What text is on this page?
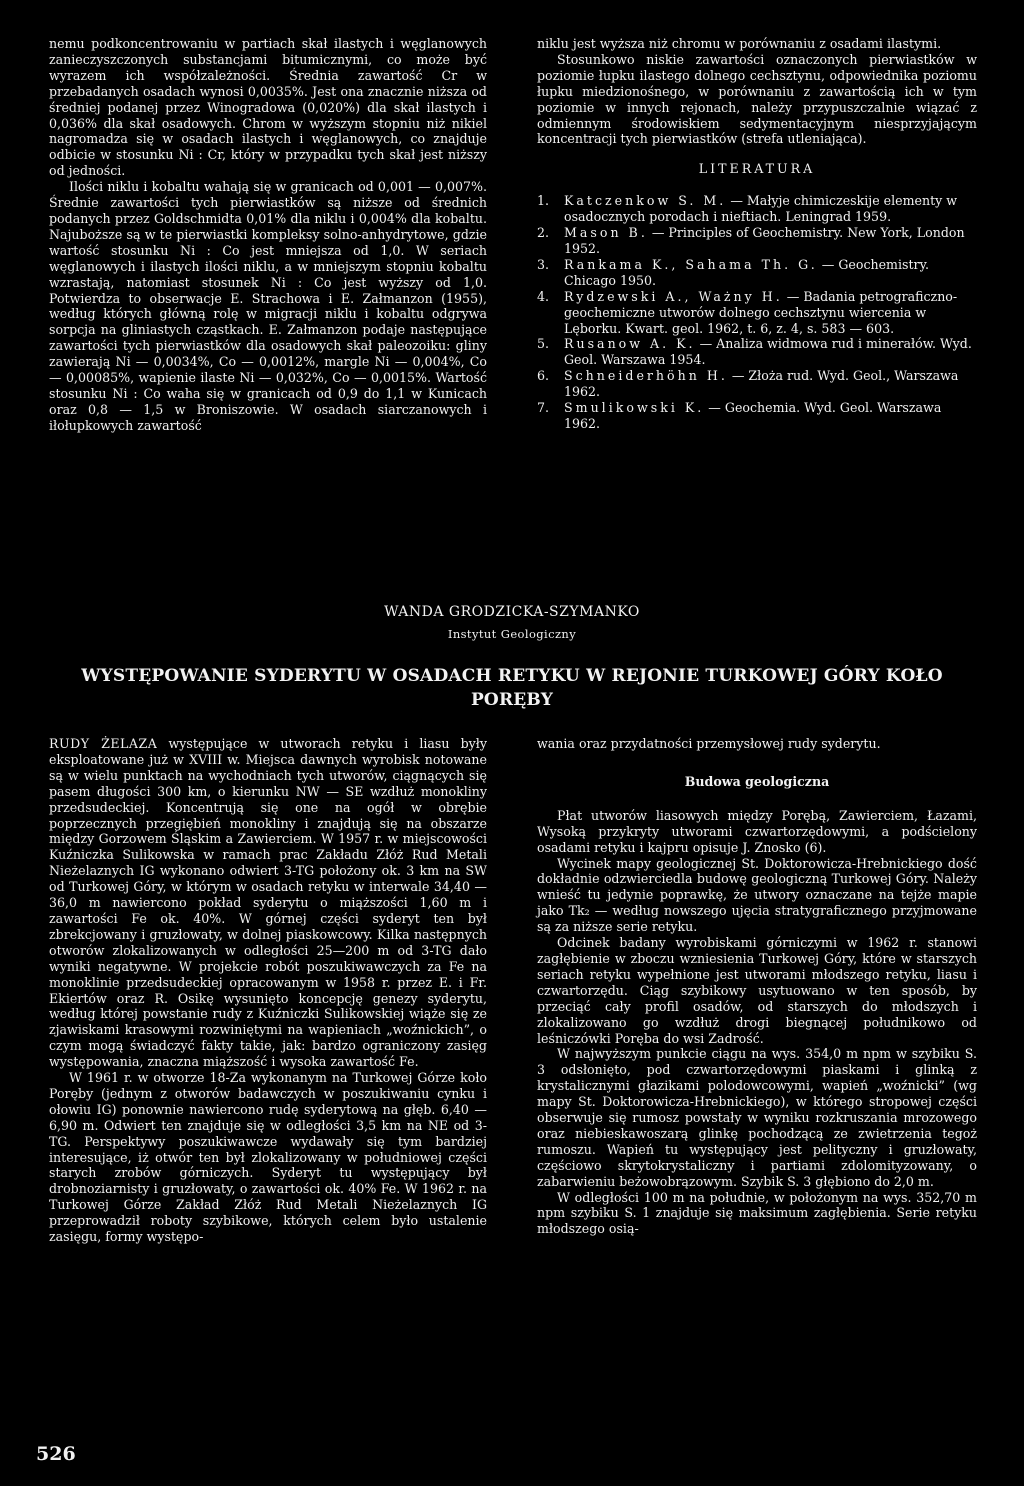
nemu podkoncentrowaniu w partiach skał ilastych i węglanowych zanieczyszczonych substancjami bitumicznymi, co może być wyrazem ich współzależności. Średnia zawartość Cr w przebadanych osadach wynosi 0,0035%. Jest ona znacznie niższa od średniej podanej przez Winogradowa (0,020%) dla skał ilastych i 0,036% dla skał osadowych. Chrom w wyższym stopniu niż nikiel nagromadza się w osadach ilastych i węglanowych, co znajduje odbicie w stosunku Ni : Cr, który w przypadku tych skał jest niższy od jedności.

Ilości niklu i kobaltu wahają się w granicach od 0,001 — 0,007%. Średnie zawartości tych pierwiastków są niższe od średnich podanych przez Goldschmidta 0,01% dla niklu i 0,004% dla kobaltu. Najuboższe są w te pierwiastki kompleksy solno-anhydrytowe, gdzie wartość stosunku Ni : Co jest mniejsza od 1,0. W seriach węglanowych i ilastych ilości niklu, a w mniejszym stopniu kobaltu wzrastają, natomiast stosunek Ni : Co jest wyższy od 1,0. Potwierdza to obserwacje E. Strachowa i E. Załmanzon (1955), według których główną rolę w migracji niklu i kobaltu odgrywa sorpcja na gliniastych cząstkach. E. Załmanzon podaje następujące zawartości tych pierwiastków dla osadowych skał paleozoiku: gliny zawierają Ni — 0,0034%, Co — 0,0012%, margle Ni — 0,004%, Co — 0,00085%, wapienie ilaste Ni — 0,032%, Co — 0,0015%. Wartość stosunku Ni : Co waha się w granicach od 0,9 do 1,1 w Kunicach oraz 0,8 — 1,5 w Broniszowie. W osadach siarczanowych i iłołupkowych zawartość

niklu jest wyższa niż chromu w porównaniu z osadami ilastymi.

Stosunkowo niskie zawartości oznaczonych pierwiastków w poziomie łupku ilastego dolnego cechsztynu, odpowiednika poziomu łupku miedzionośnego, w porównaniu z zawartością ich w tym poziomie w innych rejonach, należy przypuszczalnie wiązać z odmiennym środowiskiem sedymentacyjnym niesprzyjającym koncentracji tych pierwiastków (strefa utleniająca).

LITERATURA

1. Katczenkow S. M. — Małyje chimiczeskije elementy w osadocznych porodach i nieftiach. Leningrad 1959.
2. Mason B. — Principles of Geochemistry. New York, London 1952.
3. Rankama K., Sahama Th. G. — Geochemistry. Chicago 1950.
4. Rydzewski A., Ważny H. — Badania petrograficzno-geochemiczne utworów dolnego cechsztynu wiercenia w Lęborku. Kwart. geol. 1962, t. 6, z. 4, s. 583 — 603.
5. Rusanow A. K. — Analiza widmowa rud i minerałów. Wyd. Geol. Warszawa 1954.
6. Schneiderhöhn H. — Złoża rud. Wyd. Geol., Warszawa 1962.
7. Smulikowski K. — Geochemia. Wyd. Geol. Warszawa 1962.
WANDA GRODZICKA-SZYMANKO
Instytut Geologiczny
WYSTĘPOWANIE SYDERYTU W OSADACH RETYKU W REJONIE TURKOWEJ GÓRY KOŁO PORĘBY

RUDY ŻELAZA występujące w utworach retyku i liasu były eksploatowane już w XVIII w. Miejsca dawnych wyrobisk notowane są w wielu punktach na wychodniach tych utworów, ciągnących się pasem długości 300 km, o kierunku NW — SE wzdłuż monokliny przedsudeckiej. Koncentrują się one na ogół w obrębie poprzecznych przegiębień monokliny i znajdują się na obszarze między Gorzowem Śląskim a Zawierciem. W 1957 r. w miejscowości Kuźniczka Sulikowska w ramach prac Zakładu Złóż Rud Metali Nieżelaznych IG wykonano odwiert 3-TG położony ok. 3 km na SW od Turkowej Góry, w którym w osadach retyku w interwale 34,40 — 36,0 m nawiercono pokład syderytu o miąższości 1,60 m i zawartości Fe ok. 40%. W górnej części syderyt ten był zbrekcjowany i gruzłowaty, w dolnej piaskowcowy. Kilka następnych otworów zlokalizowanych w odległości 25—200 m od 3-TG dało wyniki negatywne. W projekcie robót poszukiwawczych za Fe na monoklinie przedsudeckiej opracowanym w 1958 r. przez E. i Fr. Ekiertów oraz R. Osikę wysunięto koncepcję genezy syderytu, według której powstanie rudy z Kuźniczki Sulikowskiej wiąże się ze zjawiskami krasowymi rozwiniętymi na wapieniach „woźnickich”, o czym mogą świadczyć fakty takie, jak: bardzo ograniczony zasięg występowania, znaczna miąższość i wysoka zawartość Fe.

W 1961 r. w otworze 18-Za wykonanym na Turkowej Górze koło Poręby (jednym z otworów badawczych w poszukiwaniu cynku i ołowiu IG) ponownie nawiercono rudę syderytową na głęb. 6,40 — 6,90 m. Odwiert ten znajduje się w odległości 3,5 km na NE od 3-TG. Perspektywy poszukiwawcze wydawały się tym bardziej interesujące, iż otwór ten był zlokalizowany w południowej części starych zrobów górniczych. Syderyt tu występujący był drobnoziarnisty i gruzłowaty, o zawartości ok. 40% Fe. W 1962 r. na Turkowej Górze Zakład Złóż Rud Metali Nieżelaznych IG przeprowadził roboty szybikowe, których celem było ustalenie zasięgu, formy występo-

wania oraz przydatności przemysłowej rudy syderytu.

Budowa geologiczna

Płat utworów liasowych między Porębą, Zawierciem, Łazami, Wysoką przykryty utworami czwartorzędowymi, a podścielony osadami retyku i kajpru opisuje J. Znosko (6).

Wycinek mapy geologicznej St. Doktorowicza-Hrebnickiego dość dokładnie odzwierciedla budowę geologiczną Turkowej Góry. Należy wnieść tu jedynie poprawkę, że utwory oznaczane na tejże mapie jako Tk₂ — według nowszego ujęcia stratygraficznego przyjmowane są za niższe serie retyku.

Odcinek badany wyrobiskami górniczymi w 1962 r. stanowi zagłębienie w zboczu wzniesienia Turkowej Góry, które w starszych seriach retyku wypełnione jest utworami młodszego retyku, liasu i czwartorzędu. Ciąg szybikowy usytuowano w ten sposób, by przeciąć cały profil osadów, od starszych do młodszych i zlokalizowano go wzdłuż drogi biegnącej południkowo od leśniczówki Poręba do wsi Zadrość.

W najwyższym punkcie ciągu na wys. 354,0 m npm w szybiku S. 3 odsłonięto, pod czwartorzędowymi piaskami i glinką z krystalicznymi głazikami polodowcowymi, wapień „woźnicki” (wg mapy St. Doktorowicza-Hrebnickiego), w którego stropowej części obserwuje się rumosz powstały w wyniku rozkruszania mrozowego oraz niebieskawoszarą glinkę pochodzącą ze zwietrzenia tegoż rumoszu. Wapień tu występujący jest pelityczny i gruzłowaty, częściowo skrytokrystaliczny i partiami zdolomityzowany, o zabarwieniu beżowobrązowym. Szybik S. 3 głębiono do 2,0 m.

W odległości 100 m na południe, w położonym na wys. 352,70 m npm szybiku S. 1 znajduje się maksimum zagłębienia. Serie retyku młodszego osią-

526
